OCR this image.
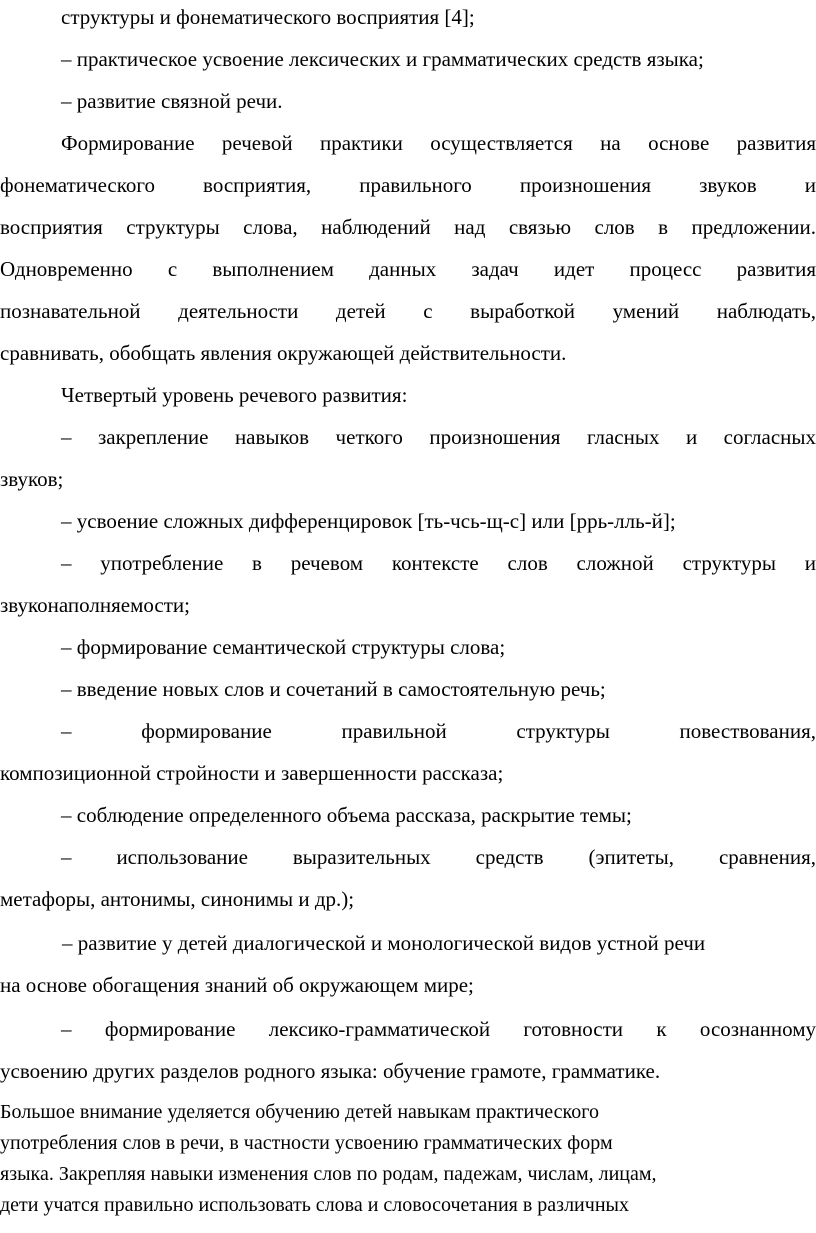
структуры и фонематического восприятия [4];
– практическое усвоение лексических и грамматических средств языка;
– развитие связной речи.
Формирование речевой практики осуществляется на основе развития
фонематического восприятия, правильного произношения звуков и
восприятия структуры слова, наблюдений над связью слов в предложении.
Одновременно с выполнением данных задач идет процесс развития
познавательной деятельности детей с выработкой умений наблюдать,
сравнивать, обобщать явления окружающей действительности.
Четвертый уровень речевого развития:
– закрепление навыков четкого произношения гласных и согласных
звуков;
– усвоение сложных дифференцировок [ть-чсь-щ-с] или [ррь-лль-й];
– употребление в речевом контексте слов сложной структуры и
звуконаполняемости;
– формирование семантической структуры слова;
– введение новых слов и сочетаний в самостоятельную речь;
– формирование правильной структуры повествования,
композиционной стройности и завершенности рассказа;
– соблюдение определенного объема рассказа, раскрытие темы;
– использование выразительных средств (эпитеты, сравнения,
метафоры, антонимы, синонимы и др.);
– развитие у детей диалогической и монологической видов устной речи
на основе обогащения знаний об окружающем мире;
– формирование лексико-грамматической готовности к осознанному
усвоению других разделов родного языка: обучение грамоте, грамматике.
Большое внимание уделяется обучению детей навыкам практического
употребления слов в речи, в частности усвоению грамматических форм
языка. Закрепляя навыки изменения слов по родам, падежам, числам, лицам,
дети учатся правильно использовать слова и словосочетания в различных
